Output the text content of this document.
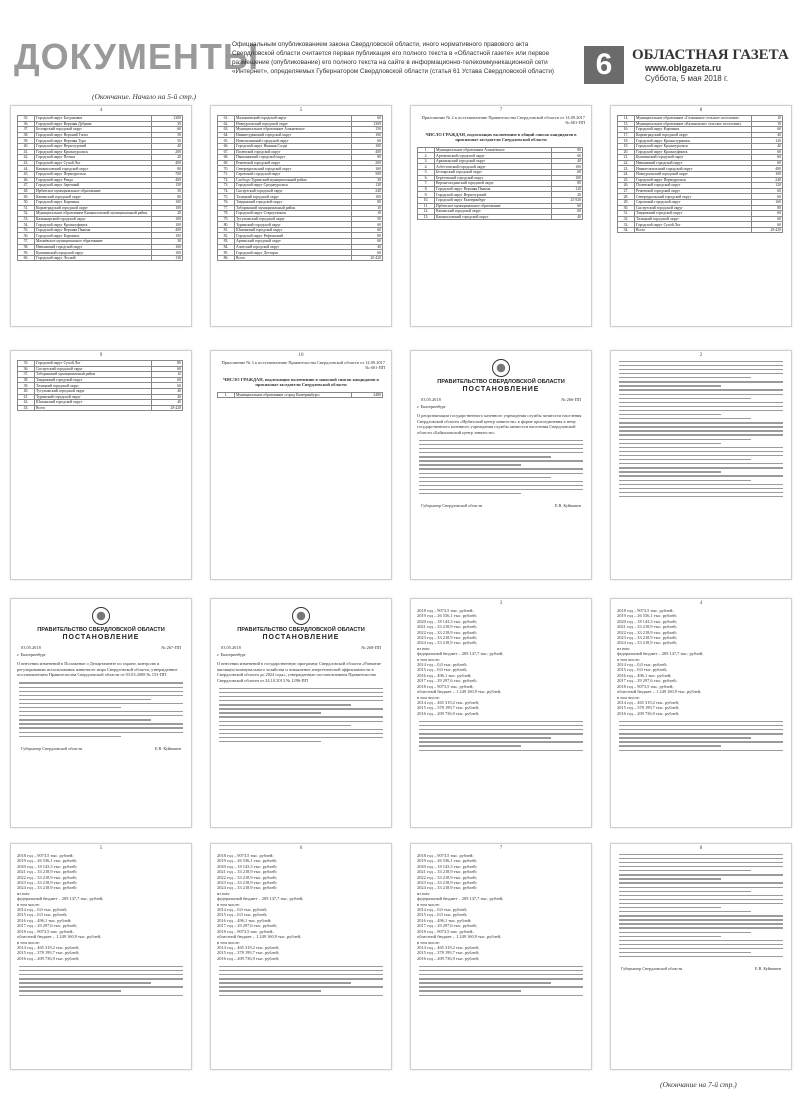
ДОКУМЕНТЫ
Официальным опубликованием закона Свердловской области, иного нормативного правового акта Свердловской области считается первая публикация его полного текста в «Областной газете» или первое размещение (опубликование) его полного текста на сайте в информационно-телекоммуникационной сети «Интернет», определяемых Губернатором Свердловской области (статья 61 Устава Свердловской области)	6	ОБЛАСТНАЯ ГАЗЕТА
www.oblgazeta.ru
Суббота, 5 мая 2018 г.
(Окончание. Начало на 5-й стр.)
4
35.	Городской округ Богданович	1300
36.	Городской округ Верхняя Дубрава	30
37.	Белоярский городской округ	60
38.	Городской округ Верхний Тагил	50
39.	Городской округ Верхняя Тура	50
40.	Городской округ Верхотурский	40
41.	Городской округ Красноуральск	200
42.	Городской округ Пелым	20
43.	Городской округ Сухой Лог	400
44.	Камышловский городской округ	80
45.	Городской округ Первоуральск	700
46.	Городской округ Ревда	400
47.	Городской округ Заречный	150
48.	Ирбитское муниципальное образование	50
49.	Каменский городской округ	80
50.	Городской округ Карпинск	100
51.	Кировградский городской округ	100
52.	Муниципальное образование Камышловский муниципальный район	20
53.	Качканарский городской округ	100
54.	Городской округ Красноуфимск	100
55.	Городской округ Верхняя Пышма	400
56.	Городской округ Карпинск	100
57.	Махнёвское муниципальное образование	30
58.	Невьянский городской округ	160
59.	Кушвинский городской округ	100
60.	Городской округ Лесной	130
5
61.	Малышевский городской округ	60
62.	Новоуральский городской округ	1300
63.	Муниципальное образование Алапаевское	150
64.	Нижнетуринский городской округ	100
65.	Новолялинский городской округ	60
66.	Городской округ Нижняя Салда	100
67.	Полевской городской округ	400
68.	Пышминский городской округ	80
69.	Режевской городской округ	200
70.	Североуральский городской округ	160
71.	Серовский городской округ	500
72.	Слободо-Туринский муниципальный район	30
73.	Городской округ Среднеуральск	120
74.	Сысертский городской округ	240
75.	Талицкий городской округ	100
76.	Тавдинский городской округ	80
77.	Таборинский муниципальный район	10
78.	Городской округ Староуткинск	10
79.	Тугулымский городской округ	50
80.	Туринский городской округ	60
81.	Шалинский городской округ	60
82.	Городской округ Рефтинский	80
83.	Артинский городской округ	60
84.	Ачитский городской округ	40
85.	Городской округ Дегтярск	60
86.	Всего	20 420
7
Приложение № 2 к постановлению Правительства Свердловской области от 14.09.2017 № 681-ПП
ЧИСЛО ГРАЖДАН, подлежащих включению в общий список кандидатов в присяжные заседатели Свердловской области
1.	Муниципальное образование Алапаевское	80
2.	Артемовский городской округ	60
3.	Арамильский городской округ	40
4.	Асбестовский городской округ	100
5.	Белоярский городской округ	60
6.	Березовский городской округ	100
7.	Верхнесалдинский городской округ	80
8.	Городской округ Верхняя Пышма	120
9.	Городской округ Верхотурский	20
10.	Городской округ Екатеринбург	25 920
11.	Ирбитское муниципальное образование	60
12.	Каменский городской округ	60
13.	Камышловский городской округ	40
8
14.	Муниципальное образование «Галкинское сельское поселение»	10
15.	Муниципальное образование «Калиновское сельское поселение»	10
16.	Городской округ Карпинск	60
17.	Кировградский городской округ	40
18.	Городской округ Краснотурьинск	120
19.	Городской округ Красноуральск	40
20.	Городской округ Красноуфимск	60
21.	Кушвинский городской округ	60
22.	Невьянский городской округ	60
23.	Нижнетагильский городской округ	400
24.	Новоуральский городской округ	100
25.	Городской округ Первоуральск	240
26.	Полевской городской округ	120
27.	Режевской городской округ	60
28.	Североуральский городской округ	60
29.	Серовский городской округ	160
30.	Сысертский городской округ	80
31.	Тавдинский городской округ	60
32.	Талицкий городской округ	60
33.	Городской округ Сухой Лог	60
34.	Всего	28 420
9
35.	Городской округ Сухой Лог	80
36.	Сысертский городской округ	60
37.	Таборинский муниципальный район	10
38.	Тавдинский городской округ	60
39.	Талицкий городской округ	60
40.	Тугулымский городской округ	40
41.	Туринский городской округ	40
42.	Шалинский городской округ	40
43.	Всего	28 420
10
Приложение № 3 к постановлению Правительства Свердловской области от 14.09.2017 № 681-ПП
ЧИСЛО ГРАЖДАН, подлежащих включению в запасной список кандидатов в присяжные заседатели Свердловской области
1.	Муниципальное образование «город Екатеринбург»	2480
ПРАВИТЕЛЬСТВО СВЕРДЛОВСКОЙ ОБЛАСТИ
ПОСТАНОВЛЕНИЕ
03.05.2018	№ 266-ПП
г. Екатеринбург
О реорганизации государственного казенного учреждения службы занятости населения Свердловской области «Ирбитский центр занятости» в форме присоединения к нему государственного казенного учреждения службы занятости населения Свердловской области «Байкаловский центр занятости»
Губернатор Свердловской области	Е.В. Куйвашев
2
ПРАВИТЕЛЬСТВО СВЕРДЛОВСКОЙ ОБЛАСТИ
ПОСТАНОВЛЕНИЕ
03.05.2018	№ 267-ПП
г. Екатеринбург
О внесении изменений в Положение о Департаменте по охране, контролю и регулированию использования животного мира Свердловской области, утвержденное постановлением Правительства Свердловской области от 03.03.2008 № 153-ПП
Губернатор Свердловской области	Е.В. Куйвашев
ПРАВИТЕЛЬСТВО СВЕРДЛОВСКОЙ ОБЛАСТИ
ПОСТАНОВЛЕНИЕ
03.05.2018	№ 268-ПП
г. Екатеринбург
О внесении изменений в государственную программу Свердловской области «Развитие жилищно-коммунального хозяйства и повышение энергетической эффективности в Свердловской области до 2024 года», утвержденную постановлением Правительства Свердловской области от 24.10.2013 № 1296-ПП
3
2018 год – 9073,5 тыс. рублей;
2019 год – 26 536,1 тыс. рублей;
2020 год – 18 143,3 тыс. рублей;
2021 год – 33 218,9 тыс. рублей;
2022 год – 33 218,9 тыс. рублей;
2023 год – 33 218,9 тыс. рублей;
2024 год – 33 218,9 тыс. рублей;
из них:
федеральный бюджет – 209 147,7 тыс. рублей,
в том числе:
2014 год – 0,0 тыс. рублей;
2015 год – 0,0 тыс. рублей;
2016 год – 496,1 тыс. рублей;
2017 год – 29 297,6 тыс. рублей;
2018 год – 9073,5 тыс. рублей;
областной бюджет – 1 249 160,9 тыс. рублей,
в том числе:
2014 год – 465 319,2 тыс. рублей;
2015 год – 378 199,7 тыс. рублей;
2016 год – 209 736,9 тыс. рублей;
4
2018 год – 9073,5 тыс. рублей;
2019 год – 26 536,1 тыс. рублей;
2020 год – 18 143,3 тыс. рублей;
2021 год – 33 218,9 тыс. рублей;
2022 год – 33 218,9 тыс. рублей;
2023 год – 33 218,9 тыс. рублей;
2024 год – 33 218,9 тыс. рублей;
из них:
федеральный бюджет – 209 147,7 тыс. рублей,
в том числе:
2014 год – 0,0 тыс. рублей;
2015 год – 0,0 тыс. рублей;
2016 год – 496,1 тыс. рублей;
2017 год – 29 297,6 тыс. рублей;
2018 год – 9073,5 тыс. рублей;
областной бюджет – 1 249 160,9 тыс. рублей,
в том числе:
2014 год – 465 319,2 тыс. рублей;
2015 год – 378 199,7 тыс. рублей;
2016 год – 209 736,9 тыс. рублей;
5
2018 год – 9073,5 тыс. рублей;
2019 год – 26 536,1 тыс. рублей;
2020 год – 18 143,3 тыс. рублей;
2021 год – 33 218,9 тыс. рублей;
2022 год – 33 218,9 тыс. рублей;
2023 год – 33 218,9 тыс. рублей;
2024 год – 33 218,9 тыс. рублей;
из них:
федеральный бюджет – 209 147,7 тыс. рублей,
в том числе:
2014 год – 0,0 тыс. рублей;
2015 год – 0,0 тыс. рублей;
2016 год – 496,1 тыс. рублей;
2017 год – 29 297,6 тыс. рублей;
2018 год – 9073,5 тыс. рублей;
областной бюджет – 1 249 160,9 тыс. рублей,
в том числе:
2014 год – 465 319,2 тыс. рублей;
2015 год – 378 199,7 тыс. рублей;
2016 год – 209 736,9 тыс. рублей;
6
2018 год – 9073,5 тыс. рублей;
2019 год – 26 536,1 тыс. рублей;
2020 год – 18 143,3 тыс. рублей;
2021 год – 33 218,9 тыс. рублей;
2022 год – 33 218,9 тыс. рублей;
2023 год – 33 218,9 тыс. рублей;
2024 год – 33 218,9 тыс. рублей;
из них:
федеральный бюджет – 209 147,7 тыс. рублей,
в том числе:
2014 год – 0,0 тыс. рублей;
2015 год – 0,0 тыс. рублей;
2016 год – 496,1 тыс. рублей;
2017 год – 29 297,6 тыс. рублей;
2018 год – 9073,5 тыс. рублей;
областной бюджет – 1 249 160,9 тыс. рублей,
в том числе:
2014 год – 465 319,2 тыс. рублей;
2015 год – 378 199,7 тыс. рублей;
2016 год – 209 736,9 тыс. рублей;
7
2018 год – 9073,5 тыс. рублей;
2019 год – 26 536,1 тыс. рублей;
2020 год – 18 143,3 тыс. рублей;
2021 год – 33 218,9 тыс. рублей;
2022 год – 33 218,9 тыс. рублей;
2023 год – 33 218,9 тыс. рублей;
2024 год – 33 218,9 тыс. рублей;
из них:
федеральный бюджет – 209 147,7 тыс. рублей,
в том числе:
2014 год – 0,0 тыс. рублей;
2015 год – 0,0 тыс. рублей;
2016 год – 496,1 тыс. рублей;
2017 год – 29 297,6 тыс. рублей;
2018 год – 9073,5 тыс. рублей;
областной бюджет – 1 249 160,9 тыс. рублей,
в том числе:
2014 год – 465 319,2 тыс. рублей;
2015 год – 378 199,7 тыс. рублей;
2016 год – 209 736,9 тыс. рублей;
8
Губернатор Свердловской области	Е.В. Куйвашев
(Окончание на 7-й стр.)
